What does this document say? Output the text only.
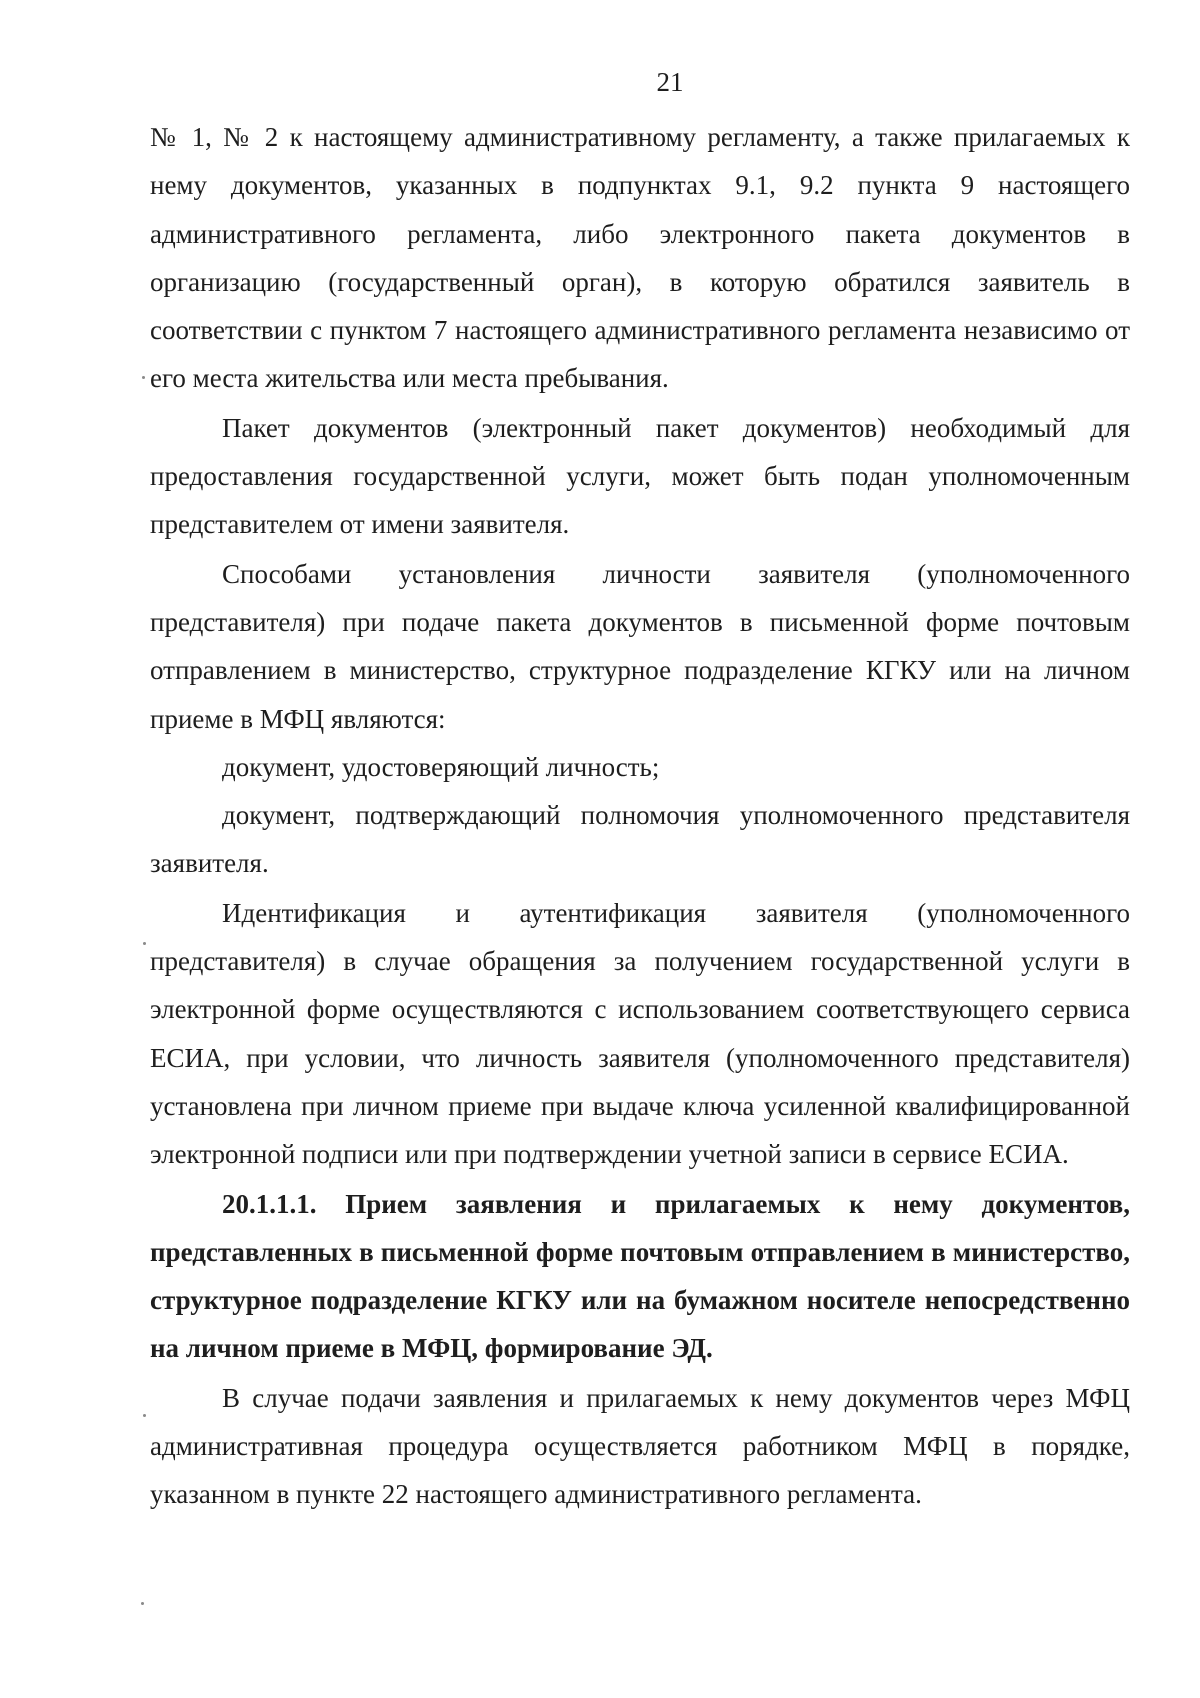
21

№ 1, № 2 к настоящему административному регламенту, а также прилагаемых к нему документов, указанных в подпунктах 9.1, 9.2 пункта 9 настоящего административного регламента, либо электронного пакета документов в организацию (государственный орган), в которую обратился заявитель в соответствии с пунктом 7 настоящего административного регламента независимо от его места жительства или места пребывания.

Пакет документов (электронный пакет документов) необходимый для предоставления государственной услуги, может быть подан уполномоченным представителем от имени заявителя.

Способами установления личности заявителя (уполномоченного представителя) при подаче пакета документов в письменной форме почтовым отправлением в министерство, структурное подразделение КГКУ или на личном приеме в МФЦ являются:

документ, удостоверяющий личность;

документ, подтверждающий полномочия уполномоченного представителя заявителя.

Идентификация и аутентификация заявителя (уполномоченного представителя) в случае обращения за получением государственной услуги в электронной форме осуществляются с использованием соответствующего сервиса ЕСИА, при условии, что личность заявителя (уполномоченного представителя) установлена при личном приеме при выдаче ключа усиленной квалифицированной электронной подписи или при подтверждении учетной записи в сервисе ЕСИА.

20.1.1.1. Прием заявления и прилагаемых к нему документов, представленных в письменной форме почтовым отправлением в министерство, структурное подразделение КГКУ или на бумажном носителе непосредственно на личном приеме в МФЦ, формирование ЭД.

В случае подачи заявления и прилагаемых к нему документов через МФЦ административная процедура осуществляется работником МФЦ в порядке, указанном в пункте 22 настоящего административного регламента.
